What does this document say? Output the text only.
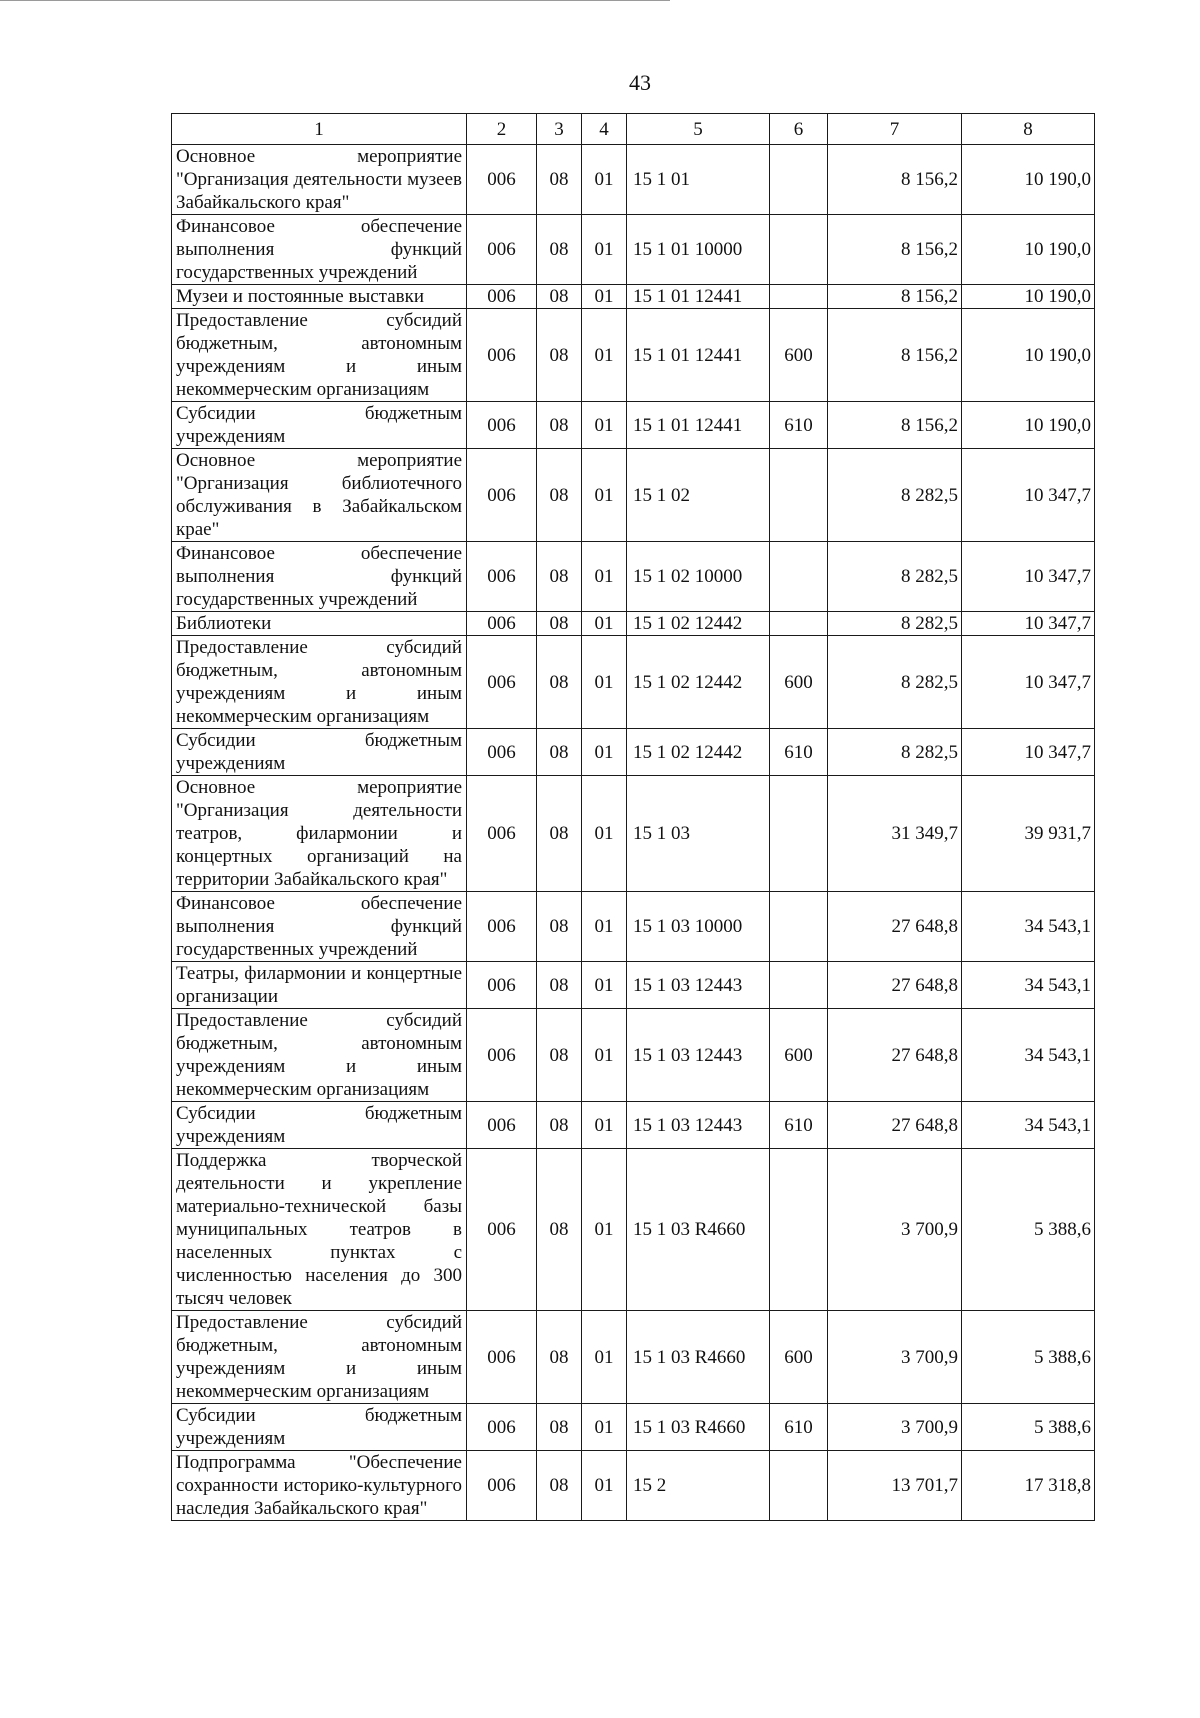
43
1	2	3	4	5	6	7	8
Основное мероприятие "Организация деятельности музеев Забайкальского края"	006	08	01	15 1 01		8 156,2	10 190,0
Финансовое обеспечение выполнения функций государственных учреждений	006	08	01	15 1 01 10000		8 156,2	10 190,0
Музеи и постоянные выставки	006	08	01	15 1 01 12441		8 156,2	10 190,0
Предоставление субсидий бюджетным, автономным учреждениям и иным некоммерческим организациям	006	08	01	15 1 01 12441	600	8 156,2	10 190,0
Субсидии бюджетным учреждениям	006	08	01	15 1 01 12441	610	8 156,2	10 190,0
Основное мероприятие "Организация библиотечного обслуживания в Забайкальском крае"	006	08	01	15 1 02		8 282,5	10 347,7
Финансовое обеспечение выполнения функций государственных учреждений	006	08	01	15 1 02 10000		8 282,5	10 347,7
Библиотеки	006	08	01	15 1 02 12442		8 282,5	10 347,7
Предоставление субсидий бюджетным, автономным учреждениям и иным некоммерческим организациям	006	08	01	15 1 02 12442	600	8 282,5	10 347,7
Субсидии бюджетным учреждениям	006	08	01	15 1 02 12442	610	8 282,5	10 347,7
Основное мероприятие "Организация деятельности театров, филармонии и концертных организаций на территории Забайкальского края"	006	08	01	15 1 03		31 349,7	39 931,7
Финансовое обеспечение выполнения функций государственных учреждений	006	08	01	15 1 03 10000		27 648,8	34 543,1
Театры, филармонии и концертные организации	006	08	01	15 1 03 12443		27 648,8	34 543,1
Предоставление субсидий бюджетным, автономным учреждениям и иным некоммерческим организациям	006	08	01	15 1 03 12443	600	27 648,8	34 543,1
Субсидии бюджетным учреждениям	006	08	01	15 1 03 12443	610	27 648,8	34 543,1
Поддержка творческой деятельности и укрепление материально-технической базы муниципальных театров в населенных пунктах с численностью населения до 300 тысяч человек	006	08	01	15 1 03 R4660		3 700,9	5 388,6
Предоставление субсидий бюджетным, автономным учреждениям и иным некоммерческим организациям	006	08	01	15 1 03 R4660	600	3 700,9	5 388,6
Субсидии бюджетным учреждениям	006	08	01	15 1 03 R4660	610	3 700,9	5 388,6
Подпрограмма "Обеспечение сохранности историко-культурного наследия Забайкальского края"	006	08	01	15 2		13 701,7	17 318,8
